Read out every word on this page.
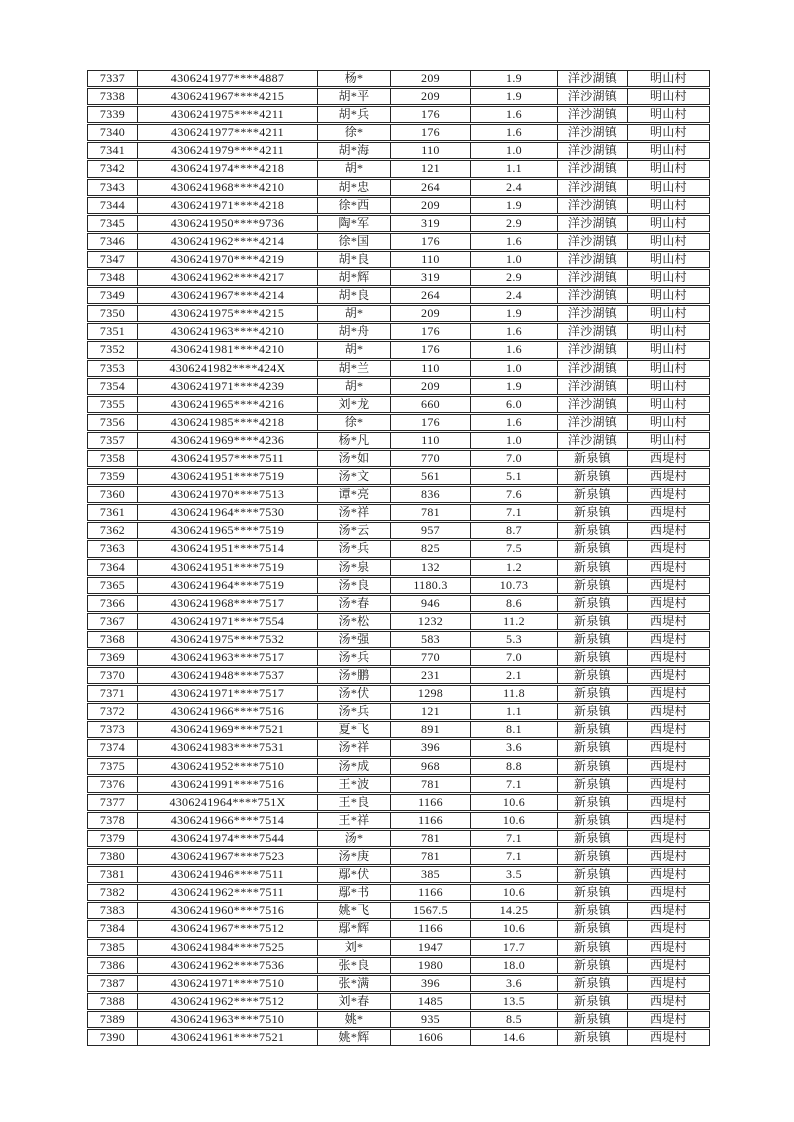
7337	4306241977****4887	杨*	209	1.9	洋沙湖镇	明山村
7338	4306241967****4215	胡*平	209	1.9	洋沙湖镇	明山村
7339	4306241975****4211	胡*兵	176	1.6	洋沙湖镇	明山村
7340	4306241977****4211	徐*	176	1.6	洋沙湖镇	明山村
7341	4306241979****4211	胡*海	110	1.0	洋沙湖镇	明山村
7342	4306241974****4218	胡*	121	1.1	洋沙湖镇	明山村
7343	4306241968****4210	胡*忠	264	2.4	洋沙湖镇	明山村
7344	4306241971****4218	徐*西	209	1.9	洋沙湖镇	明山村
7345	4306241950****9736	陶*军	319	2.9	洋沙湖镇	明山村
7346	4306241962****4214	徐*国	176	1.6	洋沙湖镇	明山村
7347	4306241970****4219	胡*良	110	1.0	洋沙湖镇	明山村
7348	4306241962****4217	胡*辉	319	2.9	洋沙湖镇	明山村
7349	4306241967****4214	胡*良	264	2.4	洋沙湖镇	明山村
7350	4306241975****4215	胡*	209	1.9	洋沙湖镇	明山村
7351	4306241963****4210	胡*舟	176	1.6	洋沙湖镇	明山村
7352	4306241981****4210	胡*	176	1.6	洋沙湖镇	明山村
7353	4306241982****424X	胡*兰	110	1.0	洋沙湖镇	明山村
7354	4306241971****4239	胡*	209	1.9	洋沙湖镇	明山村
7355	4306241965****4216	刘*龙	660	6.0	洋沙湖镇	明山村
7356	4306241985****4218	徐*	176	1.6	洋沙湖镇	明山村
7357	4306241969****4236	杨*凡	110	1.0	洋沙湖镇	明山村
7358	4306241957****7511	汤*如	770	7.0	新泉镇	西堤村
7359	4306241951****7519	汤*文	561	5.1	新泉镇	西堤村
7360	4306241970****7513	谭*亮	836	7.6	新泉镇	西堤村
7361	4306241964****7530	汤*祥	781	7.1	新泉镇	西堤村
7362	4306241965****7519	汤*云	957	8.7	新泉镇	西堤村
7363	4306241951****7514	汤*兵	825	7.5	新泉镇	西堤村
7364	4306241951****7519	汤*泉	132	1.2	新泉镇	西堤村
7365	4306241964****7519	汤*良	1180.3	10.73	新泉镇	西堤村
7366	4306241968****7517	汤*春	946	8.6	新泉镇	西堤村
7367	4306241971****7554	汤*松	1232	11.2	新泉镇	西堤村
7368	4306241975****7532	汤*强	583	5.3	新泉镇	西堤村
7369	4306241963****7517	汤*兵	770	7.0	新泉镇	西堤村
7370	4306241948****7537	汤*鹏	231	2.1	新泉镇	西堤村
7371	4306241971****7517	汤*伏	1298	11.8	新泉镇	西堤村
7372	4306241966****7516	汤*兵	121	1.1	新泉镇	西堤村
7373	4306241969****7521	夏*飞	891	8.1	新泉镇	西堤村
7374	4306241983****7531	汤*祥	396	3.6	新泉镇	西堤村
7375	4306241952****7510	汤*成	968	8.8	新泉镇	西堤村
7376	4306241991****7516	王*波	781	7.1	新泉镇	西堤村
7377	4306241964****751X	王*良	1166	10.6	新泉镇	西堤村
7378	4306241966****7514	王*祥	1166	10.6	新泉镇	西堤村
7379	4306241974****7544	汤*	781	7.1	新泉镇	西堤村
7380	4306241967****7523	汤*庚	781	7.1	新泉镇	西堤村
7381	4306241946****7511	鄢*伏	385	3.5	新泉镇	西堤村
7382	4306241962****7511	鄢*书	1166	10.6	新泉镇	西堤村
7383	4306241960****7516	姚*飞	1567.5	14.25	新泉镇	西堤村
7384	4306241967****7512	鄢*辉	1166	10.6	新泉镇	西堤村
7385	4306241984****7525	刘*	1947	17.7	新泉镇	西堤村
7386	4306241962****7536	张*良	1980	18.0	新泉镇	西堤村
7387	4306241971****7510	张*满	396	3.6	新泉镇	西堤村
7388	4306241962****7512	刘*春	1485	13.5	新泉镇	西堤村
7389	4306241963****7510	姚*	935	8.5	新泉镇	西堤村
7390	4306241961****7521	姚*辉	1606	14.6	新泉镇	西堤村
